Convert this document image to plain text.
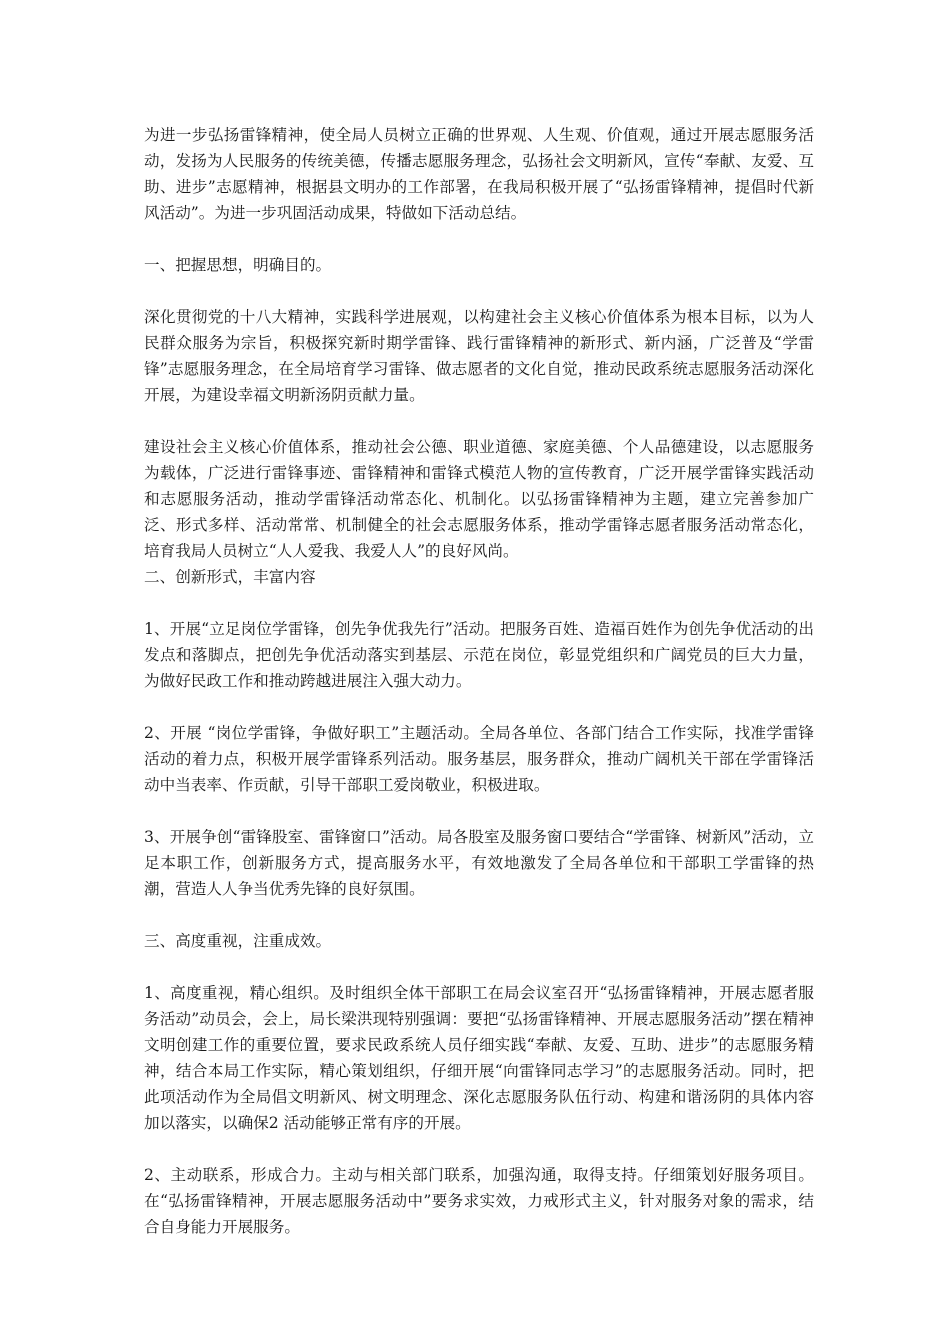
为进一步弘扬雷锋精神，使全局人员树立正确的世界观、人生观、价值观，通过开展志愿服务活动，发扬为人民服务的传统美德，传播志愿服务理念，弘扬社会文明新风，宣传“奉献、友爱、互助、进步”志愿精神，根据县文明办的工作部署，在我局积极开展了“弘扬雷锋精神，提倡时代新风活动”。为进一步巩固活动成果，特做如下活动总结。

一、把握思想，明确目的。

深化贯彻党的十八大精神，实践科学进展观，以构建社会主义核心价值体系为根本目标，以为人民群众服务为宗旨，积极探究新时期学雷锋、践行雷锋精神的新形式、新内涵，广泛普及“学雷锋”志愿服务理念，在全局培育学习雷锋、做志愿者的文化自觉，推动民政系统志愿服务活动深化开展，为建设幸福文明新汤阴贡献力量。

建设社会主义核心价值体系，推动社会公德、职业道德、家庭美德、个人品德建设，以志愿服务为载体，广泛进行雷锋事迹、雷锋精神和雷锋式模范人物的宣传教育，广泛开展学雷锋实践活动和志愿服务活动，推动学雷锋活动常态化、机制化。以弘扬雷锋精神为主题，建立完善参加广泛、形式多样、活动常常、机制健全的社会志愿服务体系，推动学雷锋志愿者服务活动常态化，培育我局人员树立“人人爱我、我爱人人”的良好风尚。

二、创新形式，丰富内容

1、开展“立足岗位学雷锋，创先争优我先行”活动。把服务百姓、造福百姓作为创先争优活动的出发点和落脚点，把创先争优活动落实到基层、示范在岗位，彰显党组织和广阔党员的巨大力量，为做好民政工作和推动跨越进展注入强大动力。

2、开展 “岗位学雷锋，争做好职工”主题活动。全局各单位、各部门结合工作实际，找准学雷锋活动的着力点，积极开展学雷锋系列活动。服务基层，服务群众，推动广阔机关干部在学雷锋活动中当表率、作贡献，引导干部职工爱岗敬业，积极进取。

3、开展争创“雷锋股室、雷锋窗口”活动。局各股室及服务窗口要结合“学雷锋、树新风”活动，立足本职工作，创新服务方式，提高服务水平，有效地激发了全局各单位和干部职工学雷锋的热潮，营造人人争当优秀先锋的良好氛围。

三、高度重视，注重成效。

1、高度重视，精心组织。及时组织全体干部职工在局会议室召开“弘扬雷锋精神，开展志愿者服务活动”动员会，会上，局长梁洪现特别强调：要把“弘扬雷锋精神、开展志愿服务活动”摆在精神文明创建工作的重要位置，要求民政系统人员仔细实践“奉献、友爱、互助、进步”的志愿服务精神，结合本局工作实际，精心策划组织，仔细开展“向雷锋同志学习”的志愿服务活动。同时，把此项活动作为全局倡文明新风、树文明理念、深化志愿服务队伍行动、构建和谐汤阴的具体内容加以落实，以确保2 活动能够正常有序的开展。

2、主动联系，形成合力。主动与相关部门联系，加强沟通，取得支持。仔细策划好服务项目。在“弘扬雷锋精神，开展志愿服务活动中”要务求实效，力戒形式主义，针对服务对象的需求，结合自身能力开展服务。
